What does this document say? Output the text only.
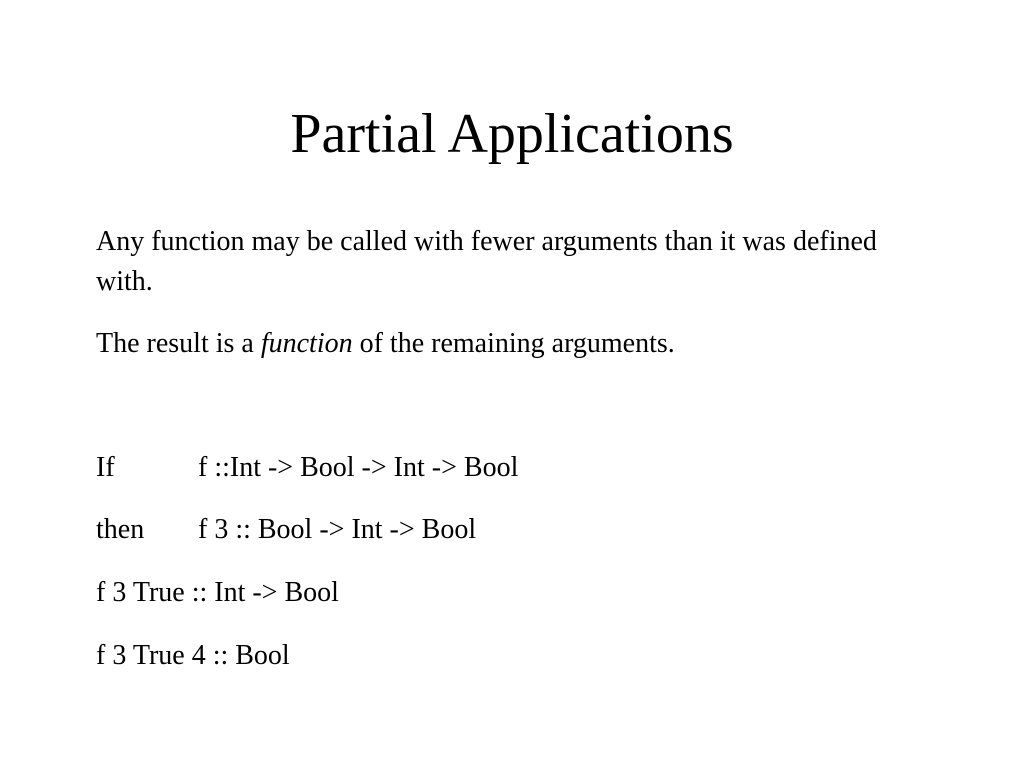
Partial Applications

Any function may be called with fewer arguments than it was defined with.

The result is a function of the remaining arguments.

If	f ::Int -> Bool -> Int -> Bool

then f 3 :: Bool -> Int -> Bool

f 3 True :: Int -> Bool

f 3 True 4 :: Bool
